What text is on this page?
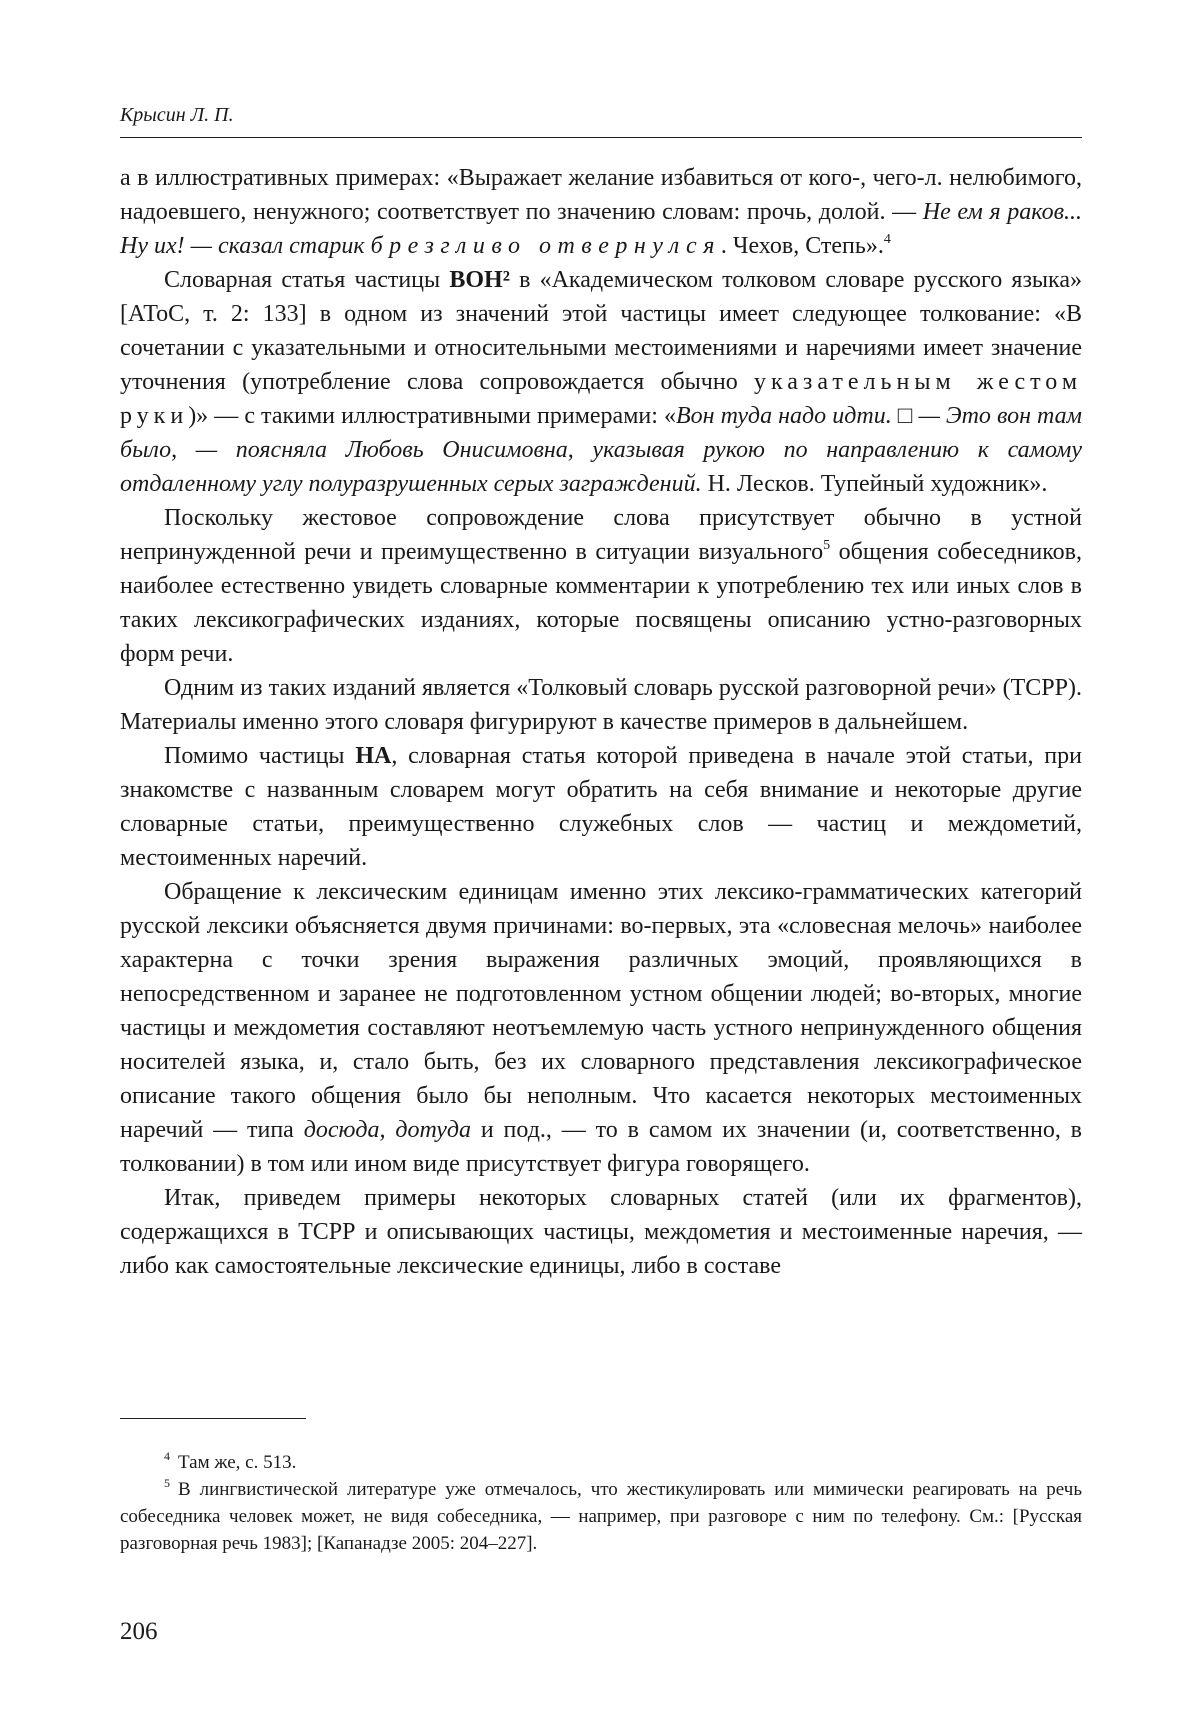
Крысин Л. П.

а в иллюстративных примерах: «Выражает желание избавиться от кого-, чего-л. нелюбимого, надоевшего, ненужного; соответствует по значению словам: прочь, долой. — Не ем я раков... Ну их! — сказал старик брезгливо отвернулся. Чехов, Степь».$^4$

Словарная статья частицы ВОН² в «Академическом толковом словаре русского языка» [АТоС, т. 2: 133] в одном из значений этой частицы имеет следующее толкование: «В сочетании с указательными и относительными местоимениями и наречиями имеет значение уточнения (употребление слова сопровождается обычно указательным жестом руки)» — с такими иллюстративными примерами: «Вон туда надо идти. □ — Это вон там было, — поясняла Любовь Онисимовна, указывая рукою по направлению к самому отдаленному углу полуразрушенных серых заграждений. Н. Лесков. Тупейный художник».

Поскольку жестовое сопровождение слова присутствует обычно в устной непринужденной речи и преимущественно в ситуации визуального$^5$ общения собеседников, наиболее естественно увидеть словарные комментарии к употреблению тех или иных слов в таких лексикографических изданиях, которые посвящены описанию устно-разговорных форм речи.

Одним из таких изданий является «Толковый словарь русской разговорной речи» (ТСРР). Материалы именно этого словаря фигурируют в качестве примеров в дальнейшем.

Помимо частицы НА, словарная статья которой приведена в начале этой статьи, при знакомстве с названным словарем могут обратить на себя внимание и некоторые другие словарные статьи, преимущественно служебных слов — частиц и междометий, местоименных наречий.

Обращение к лексическим единицам именно этих лексико-грамматических категорий русской лексики объясняется двумя причинами: во-первых, эта «словесная мелочь» наиболее характерна с точки зрения выражения различных эмоций, проявляющихся в непосредственном и заранее не подготовленном устном общении людей; во-вторых, многие частицы и междометия составляют неотъемлемую часть устного непринужденного общения носителей языка, и, стало быть, без их словарного представления лексикографическое описание такого общения было бы неполным. Что касается некоторых местоименных наречий — типа досюда, дотуда и под., — то в самом их значении (и, соответственно, в толковании) в том или ином виде присутствует фигура говорящего.

Итак, приведем примеры некоторых словарных статей (или их фрагментов), содержащихся в ТСРР и описывающих частицы, междометия и местоименные наречия, — либо как самостоятельные лексические единицы, либо в составе

$^4$ Там же, с. 513.

$^5$ В лингвистической литературе уже отмечалось, что жестикулировать или мимически реагировать на речь собеседника человек может, не видя собеседника, — например, при разговоре с ним по телефону. См.: [Русская разговорная речь 1983]; [Капанадзе 2005: 204–227].

206
